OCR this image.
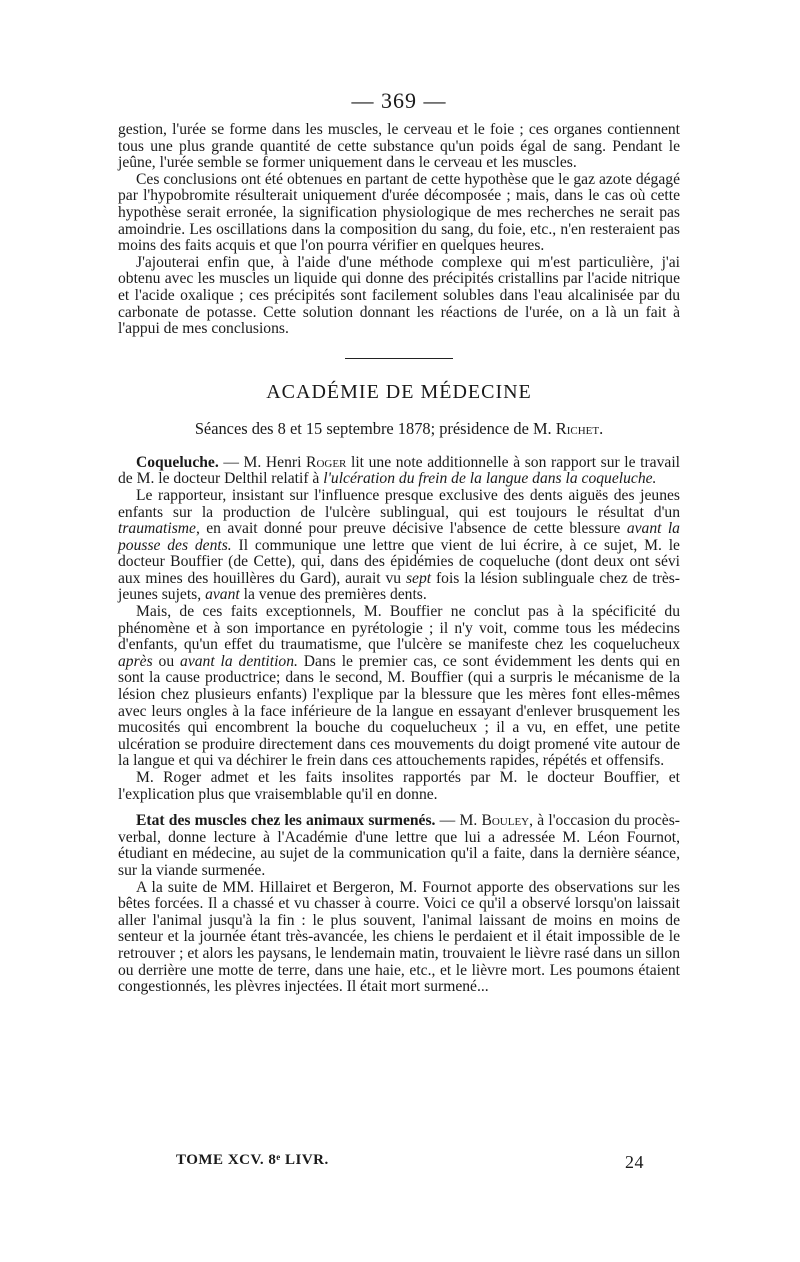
— 369 —

gestion, l'urée se forme dans les muscles, le cerveau et le foie ; ces organes contiennent tous une plus grande quantité de cette substance qu'un poids égal de sang. Pendant le jeûne, l'urée semble se former uniquement dans le cerveau et les muscles.

Ces conclusions ont été obtenues en partant de cette hypothèse que le gaz azote dégagé par l'hypobromite résulterait uniquement d'urée décomposée ; mais, dans le cas où cette hypothèse serait erronée, la signification physiologique de mes recherches ne serait pas amoindrie. Les oscillations dans la composition du sang, du foie, etc., n'en resteraient pas moins des faits acquis et que l'on pourra vérifier en quelques heures.

J'ajouterai enfin que, à l'aide d'une méthode complexe qui m'est particulière, j'ai obtenu avec les muscles un liquide qui donne des précipités cristallins par l'acide nitrique et l'acide oxalique ; ces précipités sont facilement solubles dans l'eau alcalinisée par du carbonate de potasse. Cette solution donnant les réactions de l'urée, on a là un fait à l'appui de mes conclusions.

ACADÉMIE DE MÉDECINE
Séances des 8 et 15 septembre 1878; présidence de M. Richet.

Coqueluche. — M. Henri Roger lit une note additionnelle à son rapport sur le travail de M. le docteur Delthil relatif à l'ulcération du frein de la langue dans la coqueluche.

Le rapporteur, insistant sur l'influence presque exclusive des dents aiguës des jeunes enfants sur la production de l'ulcère sublingual, qui est toujours le résultat d'un traumatisme, en avait donné pour preuve décisive l'absence de cette blessure avant la pousse des dents. Il communique une lettre que vient de lui écrire, à ce sujet, M. le docteur Bouffier (de Cette), qui, dans des épidémies de coqueluche (dont deux ont sévi aux mines des houillères du Gard), aurait vu sept fois la lésion sublinguale chez de très-jeunes sujets, avant la venue des premières dents.

Mais, de ces faits exceptionnels, M. Bouffier ne conclut pas à la spécificité du phénomène et à son importance en pyrétologie ; il n'y voit, comme tous les médecins d'enfants, qu'un effet du traumatisme, que l'ulcère se manifeste chez les coquelucheux après ou avant la dentition. Dans le premier cas, ce sont évidemment les dents qui en sont la cause productrice; dans le second, M. Bouffier (qui a surpris le mécanisme de la lésion chez plusieurs enfants) l'explique par la blessure que les mères font elles-mêmes avec leurs ongles à la face inférieure de la langue en essayant d'enlever brusquement les mucosités qui encombrent la bouche du coquelucheux ; il a vu, en effet, une petite ulcération se produire directement dans ces mouvements du doigt promené vite autour de la langue et qui va déchirer le frein dans ces attouchements rapides, répétés et offensifs.

M. Roger admet et les faits insolites rapportés par M. le docteur Bouffier, et l'explication plus que vraisemblable qu'il en donne.

Etat des muscles chez les animaux surmenés. — M. Bouley, à l'occasion du procès-verbal, donne lecture à l'Académie d'une lettre que lui a adressée M. Léon Fournot, étudiant en médecine, au sujet de la communication qu'il a faite, dans la dernière séance, sur la viande surmenée.

A la suite de MM. Hillairet et Bergeron, M. Fournot apporte des observations sur les bêtes forcées. Il a chassé et vu chasser à courre. Voici ce qu'il a observé lorsqu'on laissait aller l'animal jusqu'à la fin : le plus souvent, l'animal laissant de moins en moins de senteur et la journée étant très-avancée, les chiens le perdaient et il était impossible de le retrouver ; et alors les paysans, le lendemain matin, trouvaient le lièvre rasé dans un sillon ou derrière une motte de terre, dans une haie, etc., et le lièvre mort. Les poumons étaient congestionnés, les plèvres injectées. Il était mort surmené...

TOME XCV. 8ᵉ LIVR.	24
